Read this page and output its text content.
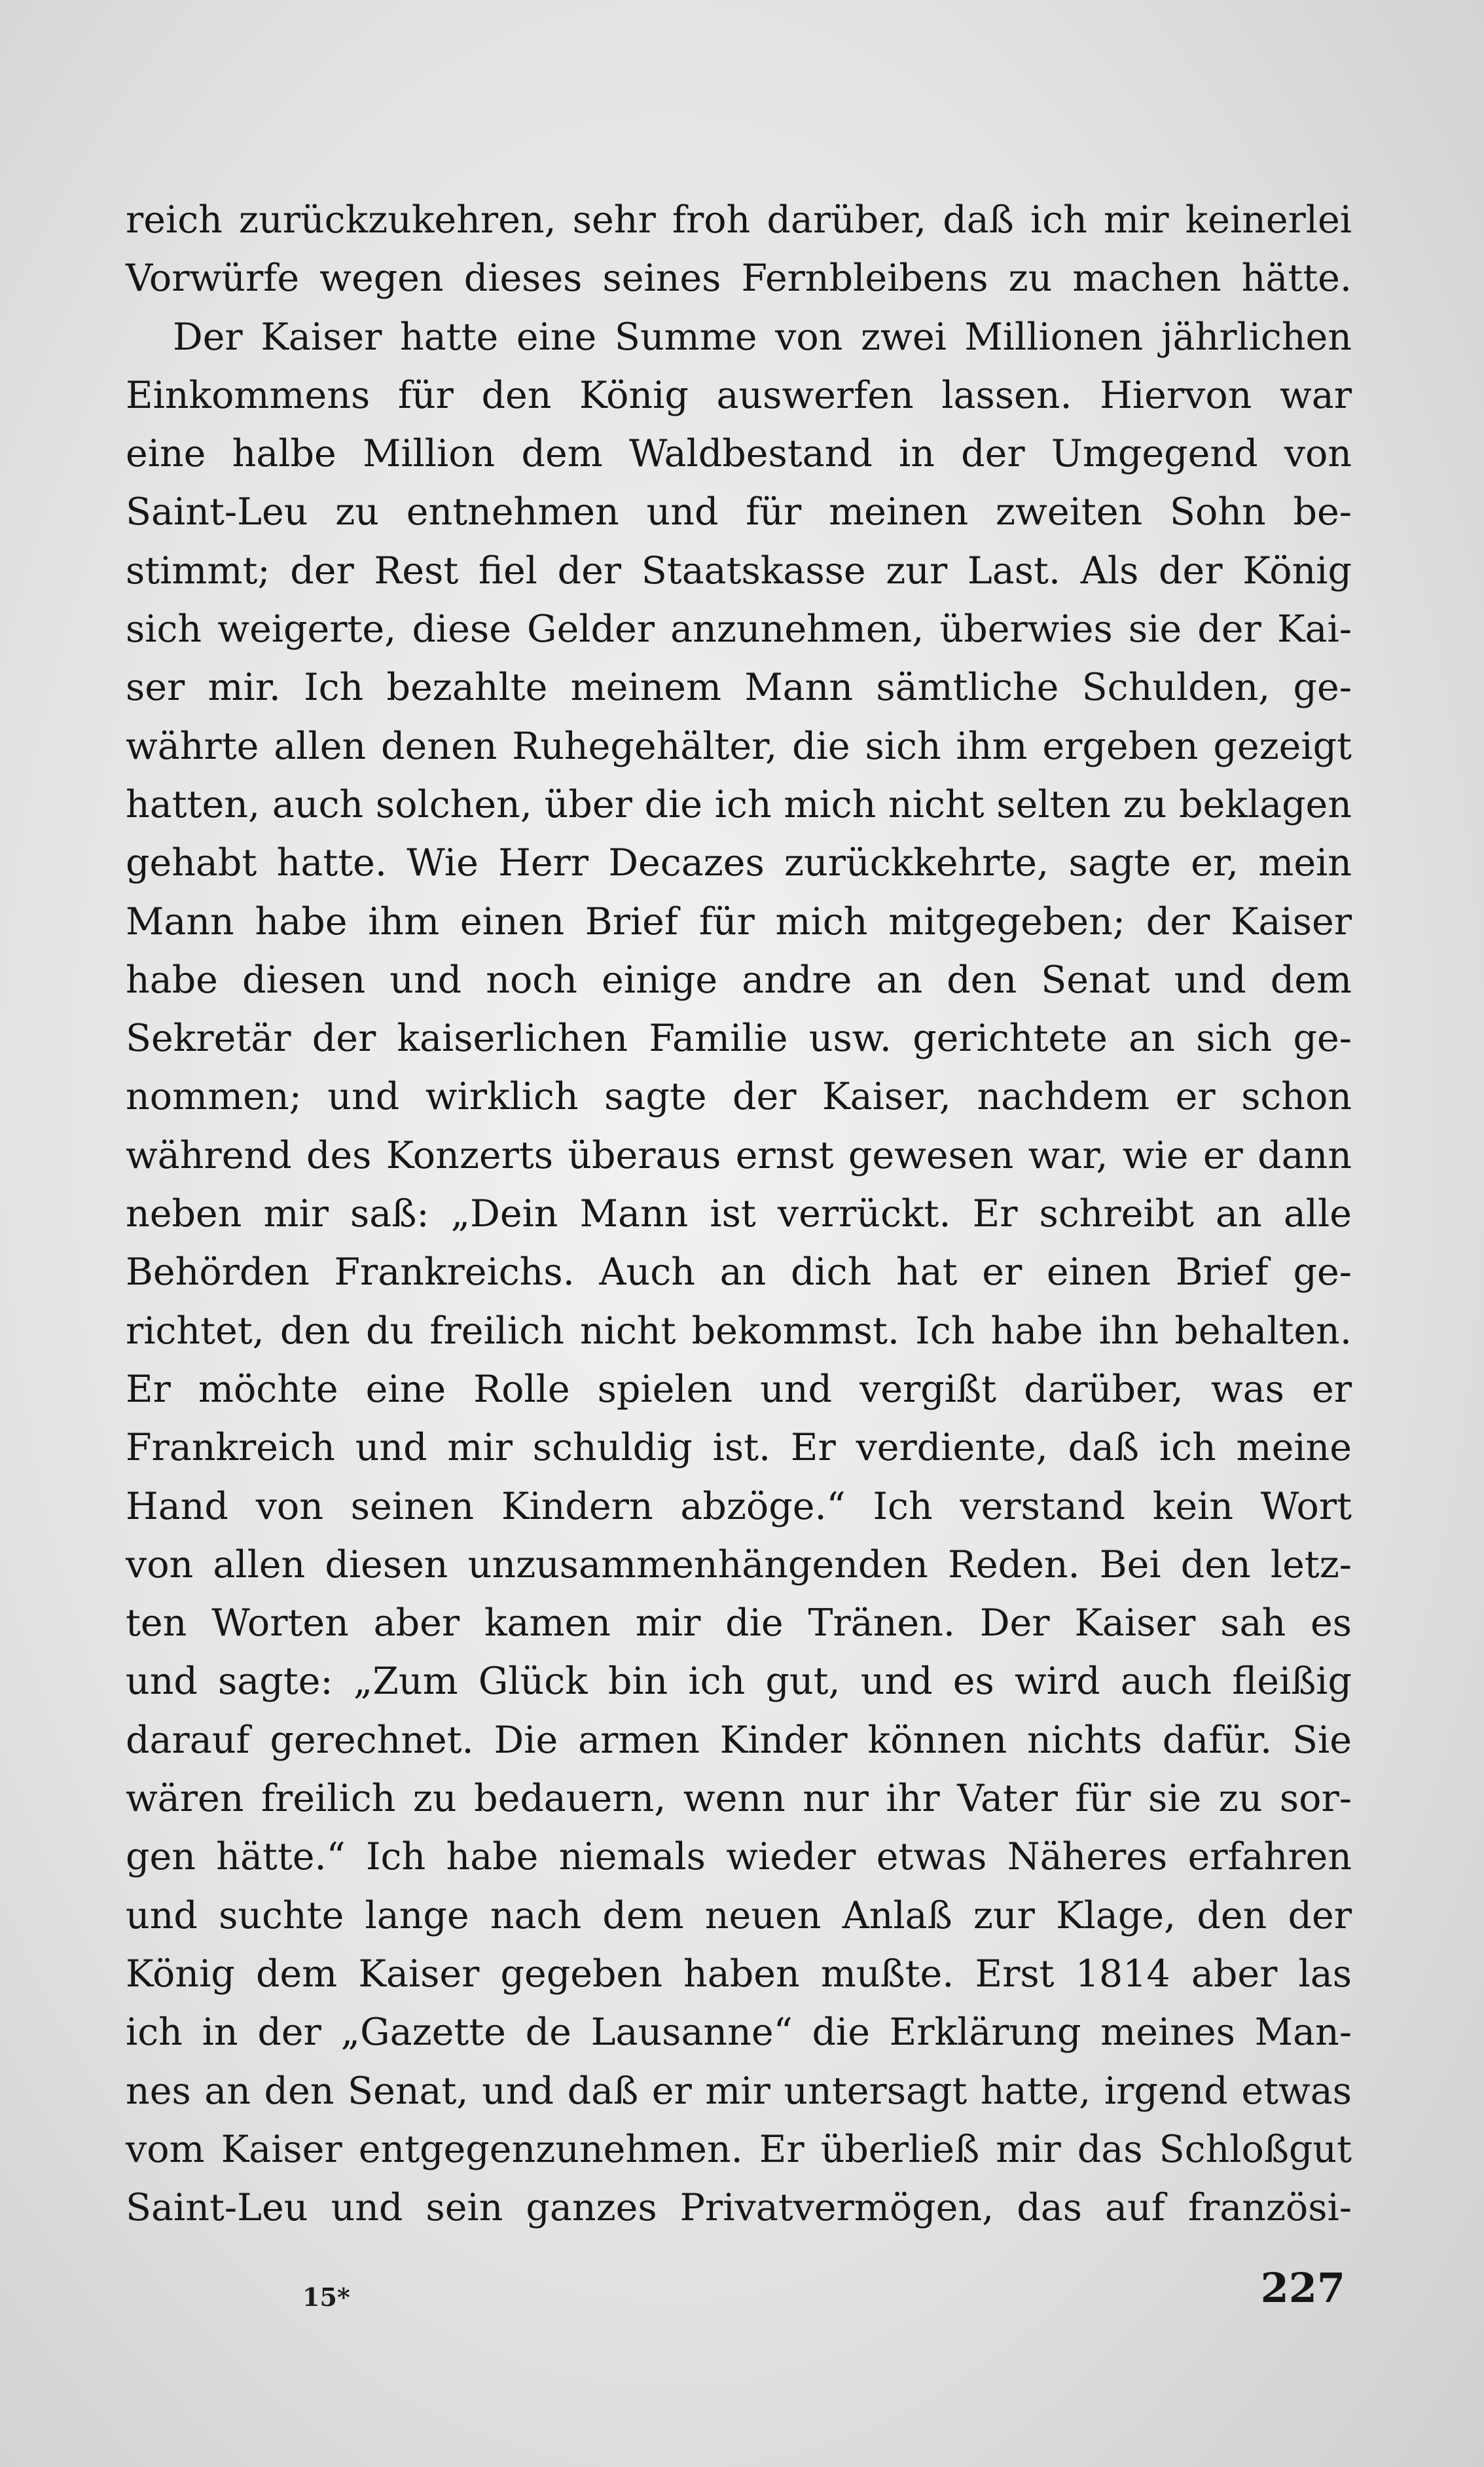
reich zurückzukehren, sehr froh darüber, daß ich mir keinerlei
Vorwürfe wegen dieses seines Fernbleibens zu machen hätte.
Der Kaiser hatte eine Summe von zwei Millionen jährlichen
Einkommens für den König auswerfen lassen. Hiervon war
eine halbe Million dem Waldbestand in der Umgegend von
Saint-Leu zu entnehmen und für meinen zweiten Sohn be-
stimmt; der Rest fiel der Staatskasse zur Last. Als der König
sich weigerte, diese Gelder anzunehmen, überwies sie der Kai-
ser mir. Ich bezahlte meinem Mann sämtliche Schulden, ge-
währte allen denen Ruhegehälter, die sich ihm ergeben gezeigt
hatten, auch solchen, über die ich mich nicht selten zu beklagen
gehabt hatte. Wie Herr Decazes zurückkehrte, sagte er, mein
Mann habe ihm einen Brief für mich mitgegeben; der Kaiser
habe diesen und noch einige andre an den Senat und dem
Sekretär der kaiserlichen Familie usw. gerichtete an sich ge-
nommen; und wirklich sagte der Kaiser, nachdem er schon
während des Konzerts überaus ernst gewesen war, wie er dann
neben mir saß: „Dein Mann ist verrückt. Er schreibt an alle
Behörden Frankreichs. Auch an dich hat er einen Brief ge-
richtet, den du freilich nicht bekommst. Ich habe ihn behalten.
Er möchte eine Rolle spielen und vergißt darüber, was er
Frankreich und mir schuldig ist. Er verdiente, daß ich meine
Hand von seinen Kindern abzöge.“ Ich verstand kein Wort
von allen diesen unzusammenhängenden Reden. Bei den letz-
ten Worten aber kamen mir die Tränen. Der Kaiser sah es
und sagte: „Zum Glück bin ich gut, und es wird auch fleißig
darauf gerechnet. Die armen Kinder können nichts dafür. Sie
wären freilich zu bedauern, wenn nur ihr Vater für sie zu sor-
gen hätte.“ Ich habe niemals wieder etwas Näheres erfahren
und suchte lange nach dem neuen Anlaß zur Klage, den der
König dem Kaiser gegeben haben mußte. Erst 1814 aber las
ich in der „Gazette de Lausanne“ die Erklärung meines Man-
nes an den Senat, und daß er mir untersagt hatte, irgend etwas
vom Kaiser entgegenzunehmen. Er überließ mir das Schloßgut
Saint-Leu und sein ganzes Privatvermögen, das auf französi-
15*	227
